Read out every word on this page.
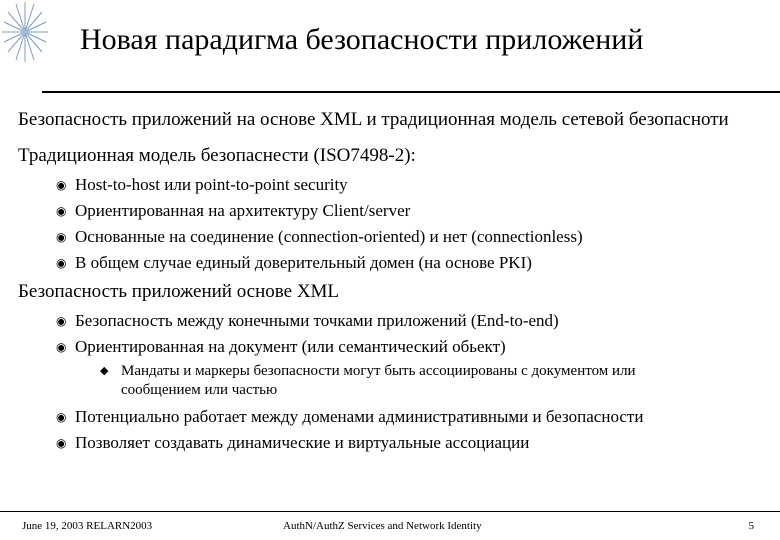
Новая парадигма безопасности приложений

Безопасность приложений на основе XML и традиционная модель сетевой безопасноти

Традиционная модель безопаснести (ISO7498-2):

◉ Host-to-host или point-to-point security
◉ Ориентированная на архитектуру Client/server
◉ Основанные на соединение (connection-oriented) и нет (connectionless)
◉ В общем случае единый доверительный домен (на основе PKI)

Безопасность приложений основе XML

◉ Безопасность между конечными точками приложений (End-to-end)
◉ Ориентированная на документ (или семантический обьект)
◆ Мандаты и маркеры безопасности могут быть ассоциированы с документом или сообщением или частью
◉ Потенциально работает между доменами административными и безопасности
◉ Позволяет создавать динамические и виртуальные ассоциации
June 19, 2003 RELARN2003	AuthN/AuthZ Services and Network Identity	5
